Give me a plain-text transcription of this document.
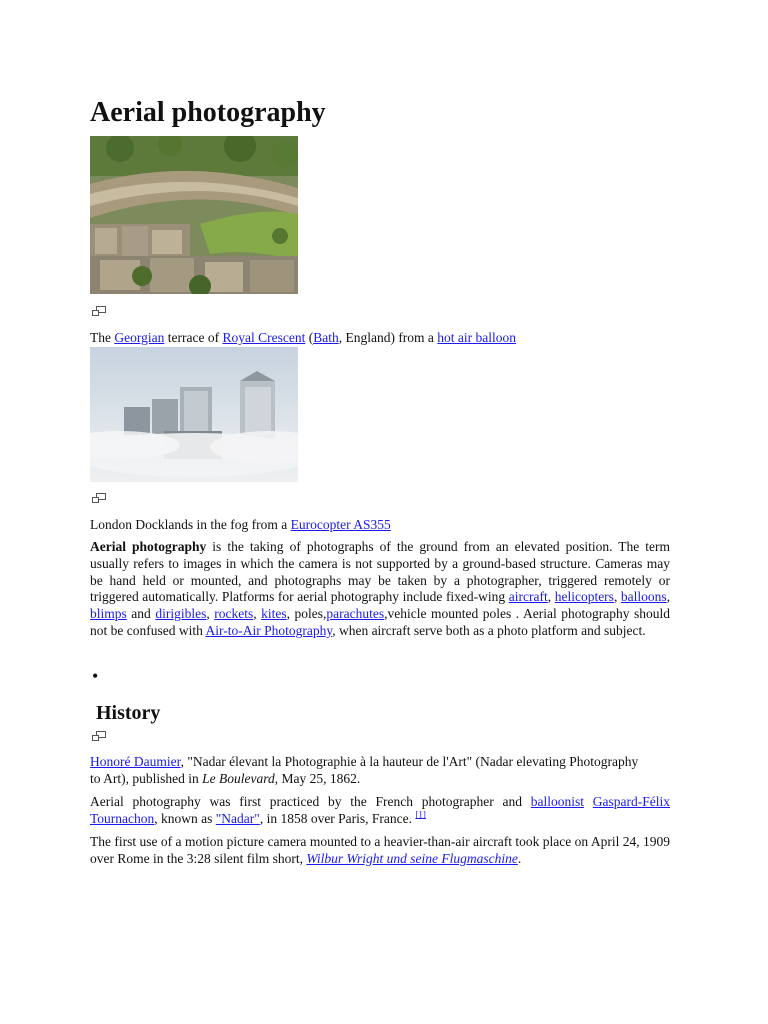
Aerial photography
The Georgian terrace of Royal Crescent (Bath, England) from a hot air balloon
London Docklands in the fog from a Eurocopter AS355

Aerial photography is the taking of photographs of the ground from an elevated position. The term usually refers to images in which the camera is not supported by a ground-based structure. Cameras may be hand held or mounted, and photographs may be taken by a photographer, triggered remotely or triggered automatically. Platforms for aerial photography include fixed-wing aircraft, helicopters, balloons, blimps and dirigibles, rockets, kites, poles,parachutes,vehicle mounted poles . Aerial photography should not be confused with Air-to-Air Photography, when aircraft serve both as a photo platform and subject.

•
History

Honoré Daumier, "Nadar élevant la Photographie à la hauteur de l'Art" (Nadar elevating Photography to Art), published in Le Boulevard, May 25, 1862.

Aerial photography was first practiced by the French photographer and balloonist Gaspard-Félix Tournachon, known as "Nadar", in 1858 over Paris, France. [1]

The first use of a motion picture camera mounted to a heavier-than-air aircraft took place on April 24, 1909 over Rome in the 3:28 silent film short, Wilbur Wright und seine Flugmaschine.
